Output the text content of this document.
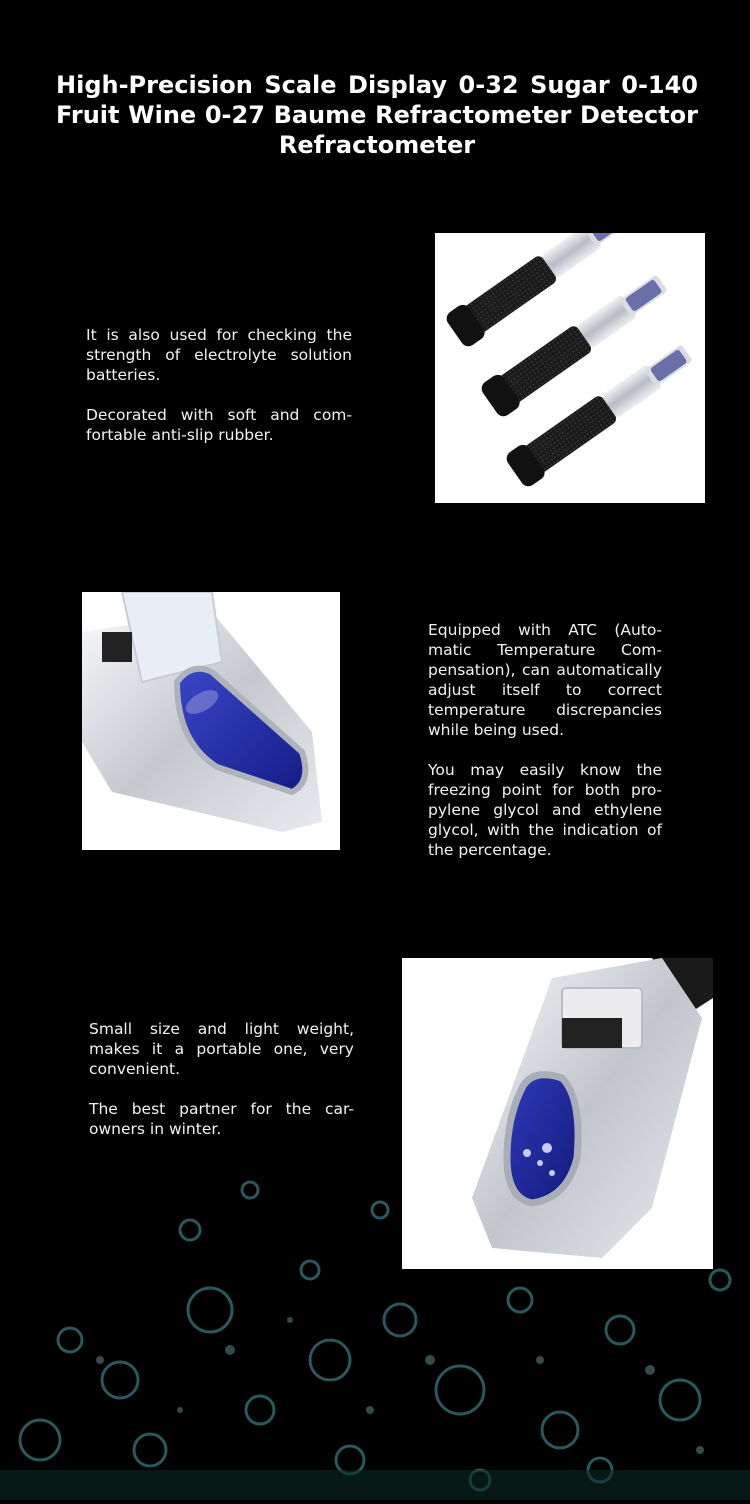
High-Precision Scale Display 0-32 Sugar 0-140 Fruit Wine 0-27 Baume Refractometer Detector Refractometer

It is also used for checking the strength of electrolyte solution batteries.

Decorated with soft and comfortable anti-slip rubber.

Equipped with ATC (Automatic Temperature Compensation), can automatically adjust itself to correct temperature discrepancies while being used.

You may easily know the freezing point for both propylene glycol and ethylene glycol, with the indication of the percentage.

Small size and light weight, makes it a portable one, very convenient.

The best partner for the car-owners in winter.
